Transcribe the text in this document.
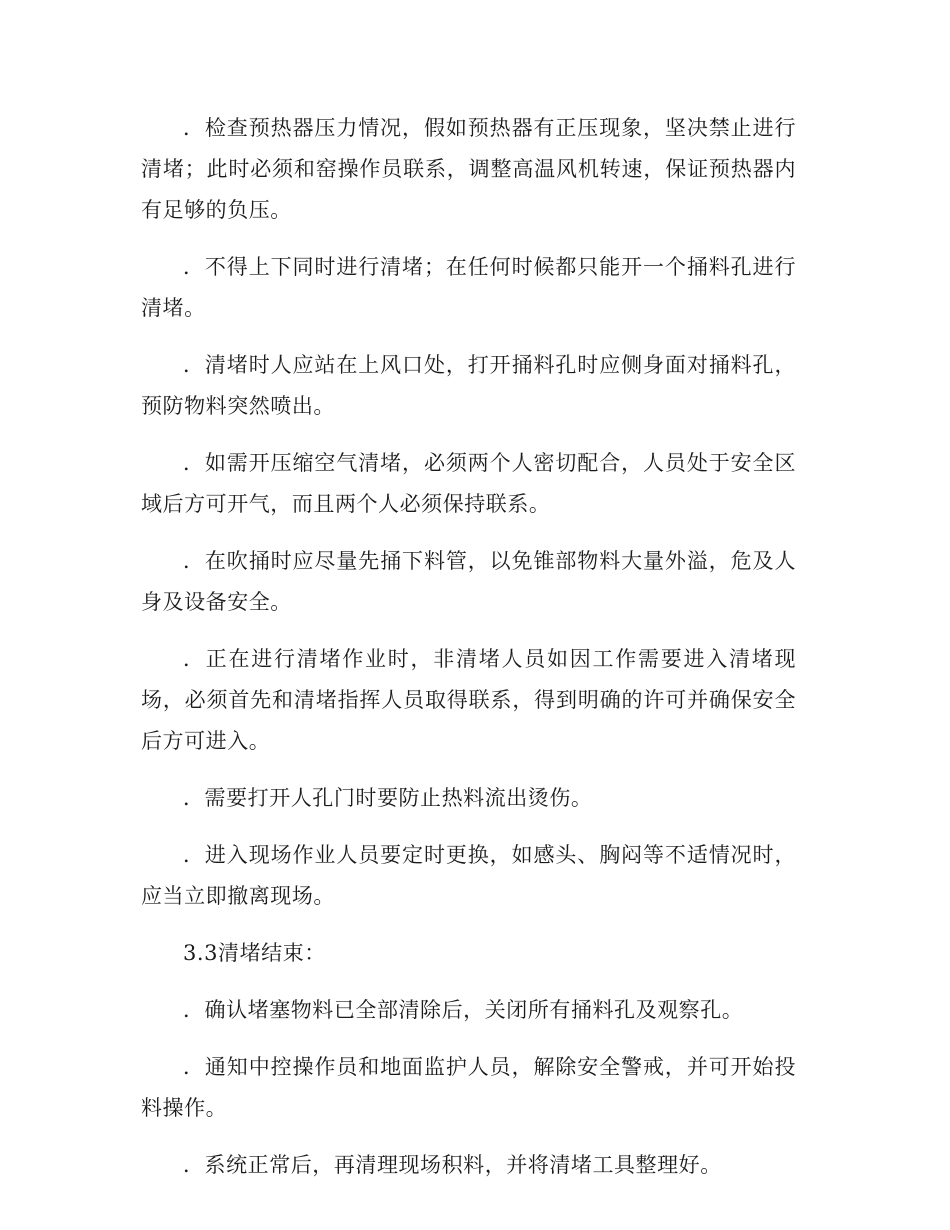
．检查预热器压力情况，假如预热器有正压现象，坚决禁止进行清堵；此时必须和窑操作员联系，调整高温风机转速，保证预热器内有足够的负压。

．不得上下同时进行清堵；在任何时候都只能开一个捅料孔进行清堵。

．清堵时人应站在上风口处，打开捅料孔时应侧身面对捅料孔，预防物料突然喷出。

．如需开压缩空气清堵，必须两个人密切配合，人员处于安全区域后方可开气，而且两个人必须保持联系。

．在吹捅时应尽量先捅下料管，以免锥部物料大量外溢，危及人身及设备安全。

．正在进行清堵作业时，非清堵人员如因工作需要进入清堵现场，必须首先和清堵指挥人员取得联系，得到明确的许可并确保安全后方可进入。

．需要打开人孔门时要防止热料流出烫伤。

．进入现场作业人员要定时更换，如感头、胸闷等不适情况时，应当立即撤离现场。

3.3清堵结束：

．确认堵塞物料已全部清除后，关闭所有捅料孔及观察孔。

．通知中控操作员和地面监护人员，解除安全警戒，并可开始投料操作。

．系统正常后，再清理现场积料，并将清堵工具整理好。
